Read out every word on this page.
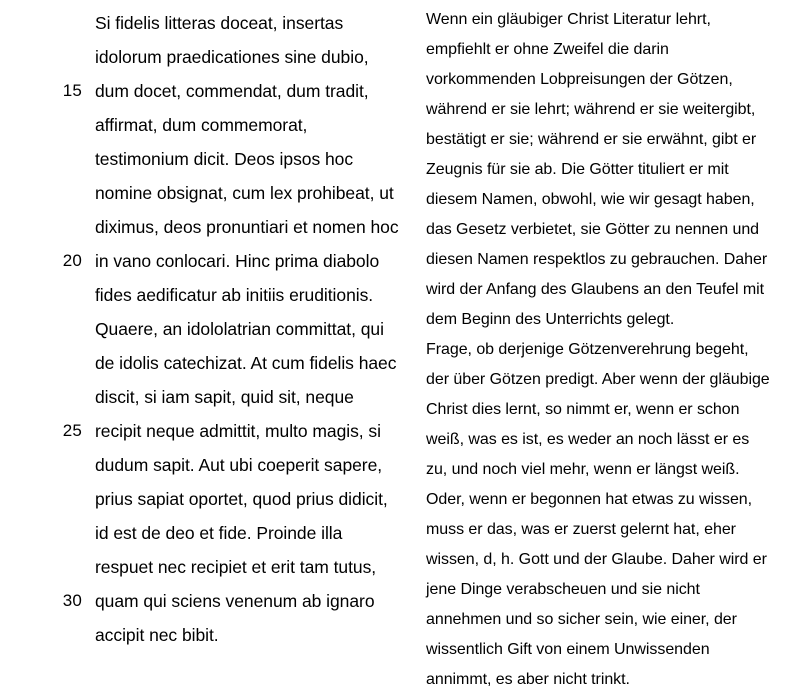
Si fidelis litteras doceat, insertas
idolorum praedicationes sine dubio,
15 dum docet, commendat, dum tradit,
affirmat, dum commemorat,
testimonium dicit. Deos ipsos hoc
nomine obsignat, cum lex prohibeat, ut
diximus, deos pronuntiari et nomen hoc
20 in vano conlocari. Hinc prima diabolo
fides aedificatur ab initiis eruditionis.
Quaere, an idololatrian committat, qui
de idolis catechizat. At cum fidelis haec
discit, si iam sapit, quid sit, neque
25 recipit neque admittit, multo magis, si
dudum sapit. Aut ubi coeperit sapere,
prius sapiat oportet, quod prius didicit,
id est de deo et fide. Proinde illa
respuet nec recipiet et erit tam tutus,
30 quam qui sciens venenum ab ignaro
accipit nec bibit.
Wenn ein gläubiger Christ Literatur lehrt,
empfiehlt er ohne Zweifel die darin
vorkommenden Lobpreisungen der Götzen,
während er sie lehrt; während er sie weitergibt,
bestätigt er sie; während er sie erwähnt, gibt er
Zeugnis für sie ab. Die Götter tituliert er mit
diesem Namen, obwohl, wie wir gesagt haben,
das Gesetz verbietet, sie Götter zu nennen und
diesen Namen respektlos zu gebrauchen. Daher
wird der Anfang des Glaubens an den Teufel mit
dem Beginn des Unterrichts gelegt.
Frage, ob derjenige Götzenverehrung begeht,
der über Götzen predigt. Aber wenn der gläubige
Christ dies lernt, so nimmt er, wenn er schon
weiß, was es ist, es weder an noch lässt er es
zu, und noch viel mehr, wenn er längst weiß.
Oder, wenn er begonnen hat etwas zu wissen,
muss er das, was er zuerst gelernt hat, eher
wissen, d, h. Gott und der Glaube. Daher wird er
jene Dinge verabscheuen und sie nicht
annehmen und so sicher sein, wie einer, der
wissentlich Gift von einem Unwissenden
annimmt, es aber nicht trinkt.
